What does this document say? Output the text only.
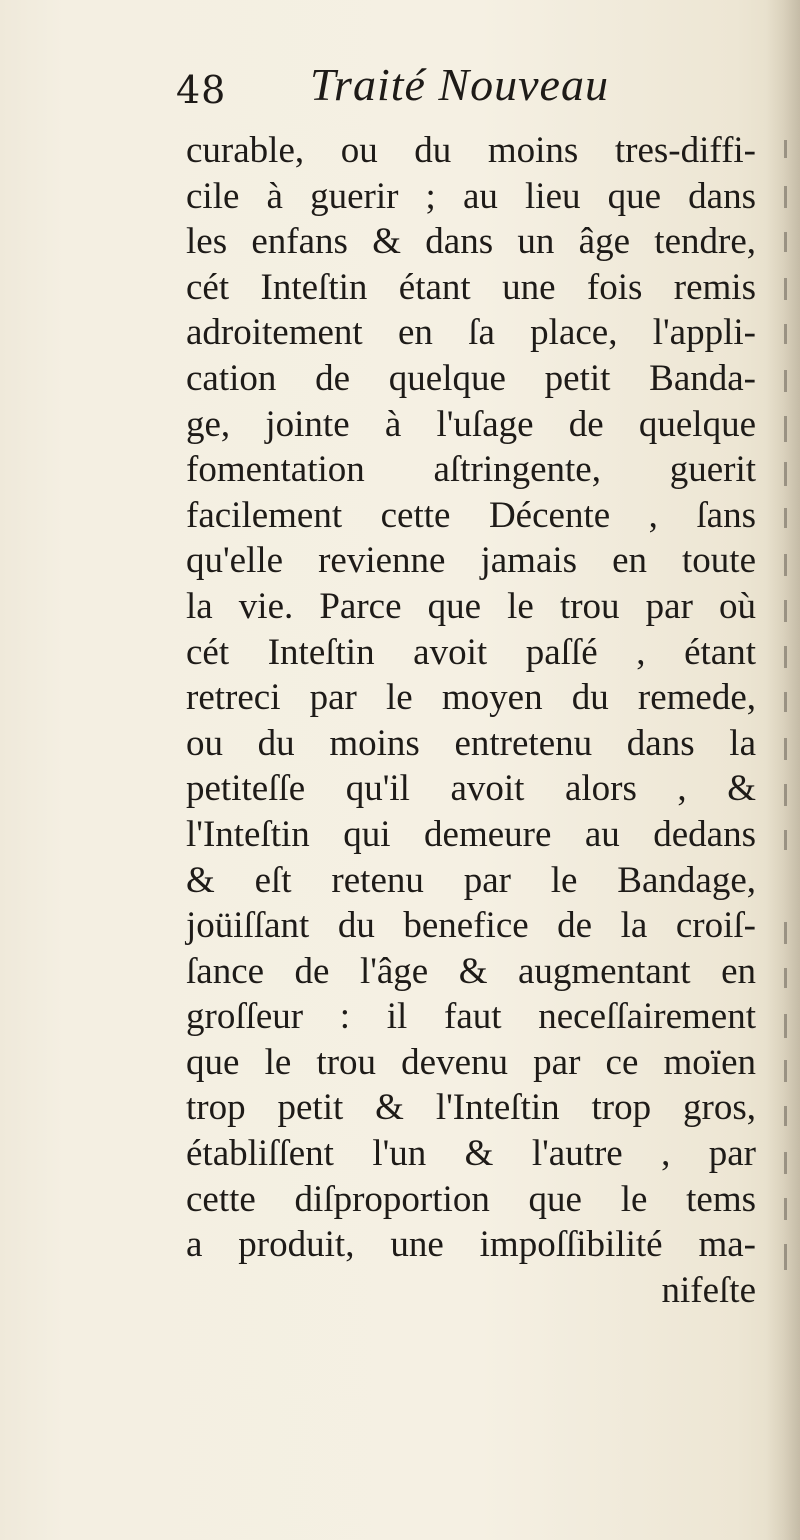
48 Traité Nouveau
curable, ou du moins tres-diffi-
cile à guerir ; au lieu que dans
les enfans & dans un âge tendre,
cét Inteſtin étant une fois remis
adroitement en ſa place, l'appli-
cation de quelque petit Banda-
ge, jointe à l'uſage de quelque
fomentation aſtringente, guerit
facilement cette Décente , ſans
qu'elle revienne jamais en toute
la vie. Parce que le trou par où
cét Inteſtin avoit paſſé , étant
retreci par le moyen du remede,
ou du moins entretenu dans la
petiteſſe qu'il avoit alors , &
l'Inteſtin qui demeure au dedans
& eſt retenu par le Bandage,
joüiſſant du benefice de la croiſ-
ſance de l'âge & augmentant en
groſſeur : il faut neceſſairement
que le trou devenu par ce moïen
trop petit & l'Inteſtin trop gros,
établiſſent l'un & l'autre , par
cette diſproportion que le tems
a produit, une impoſſibilité ma-
nifeſte
